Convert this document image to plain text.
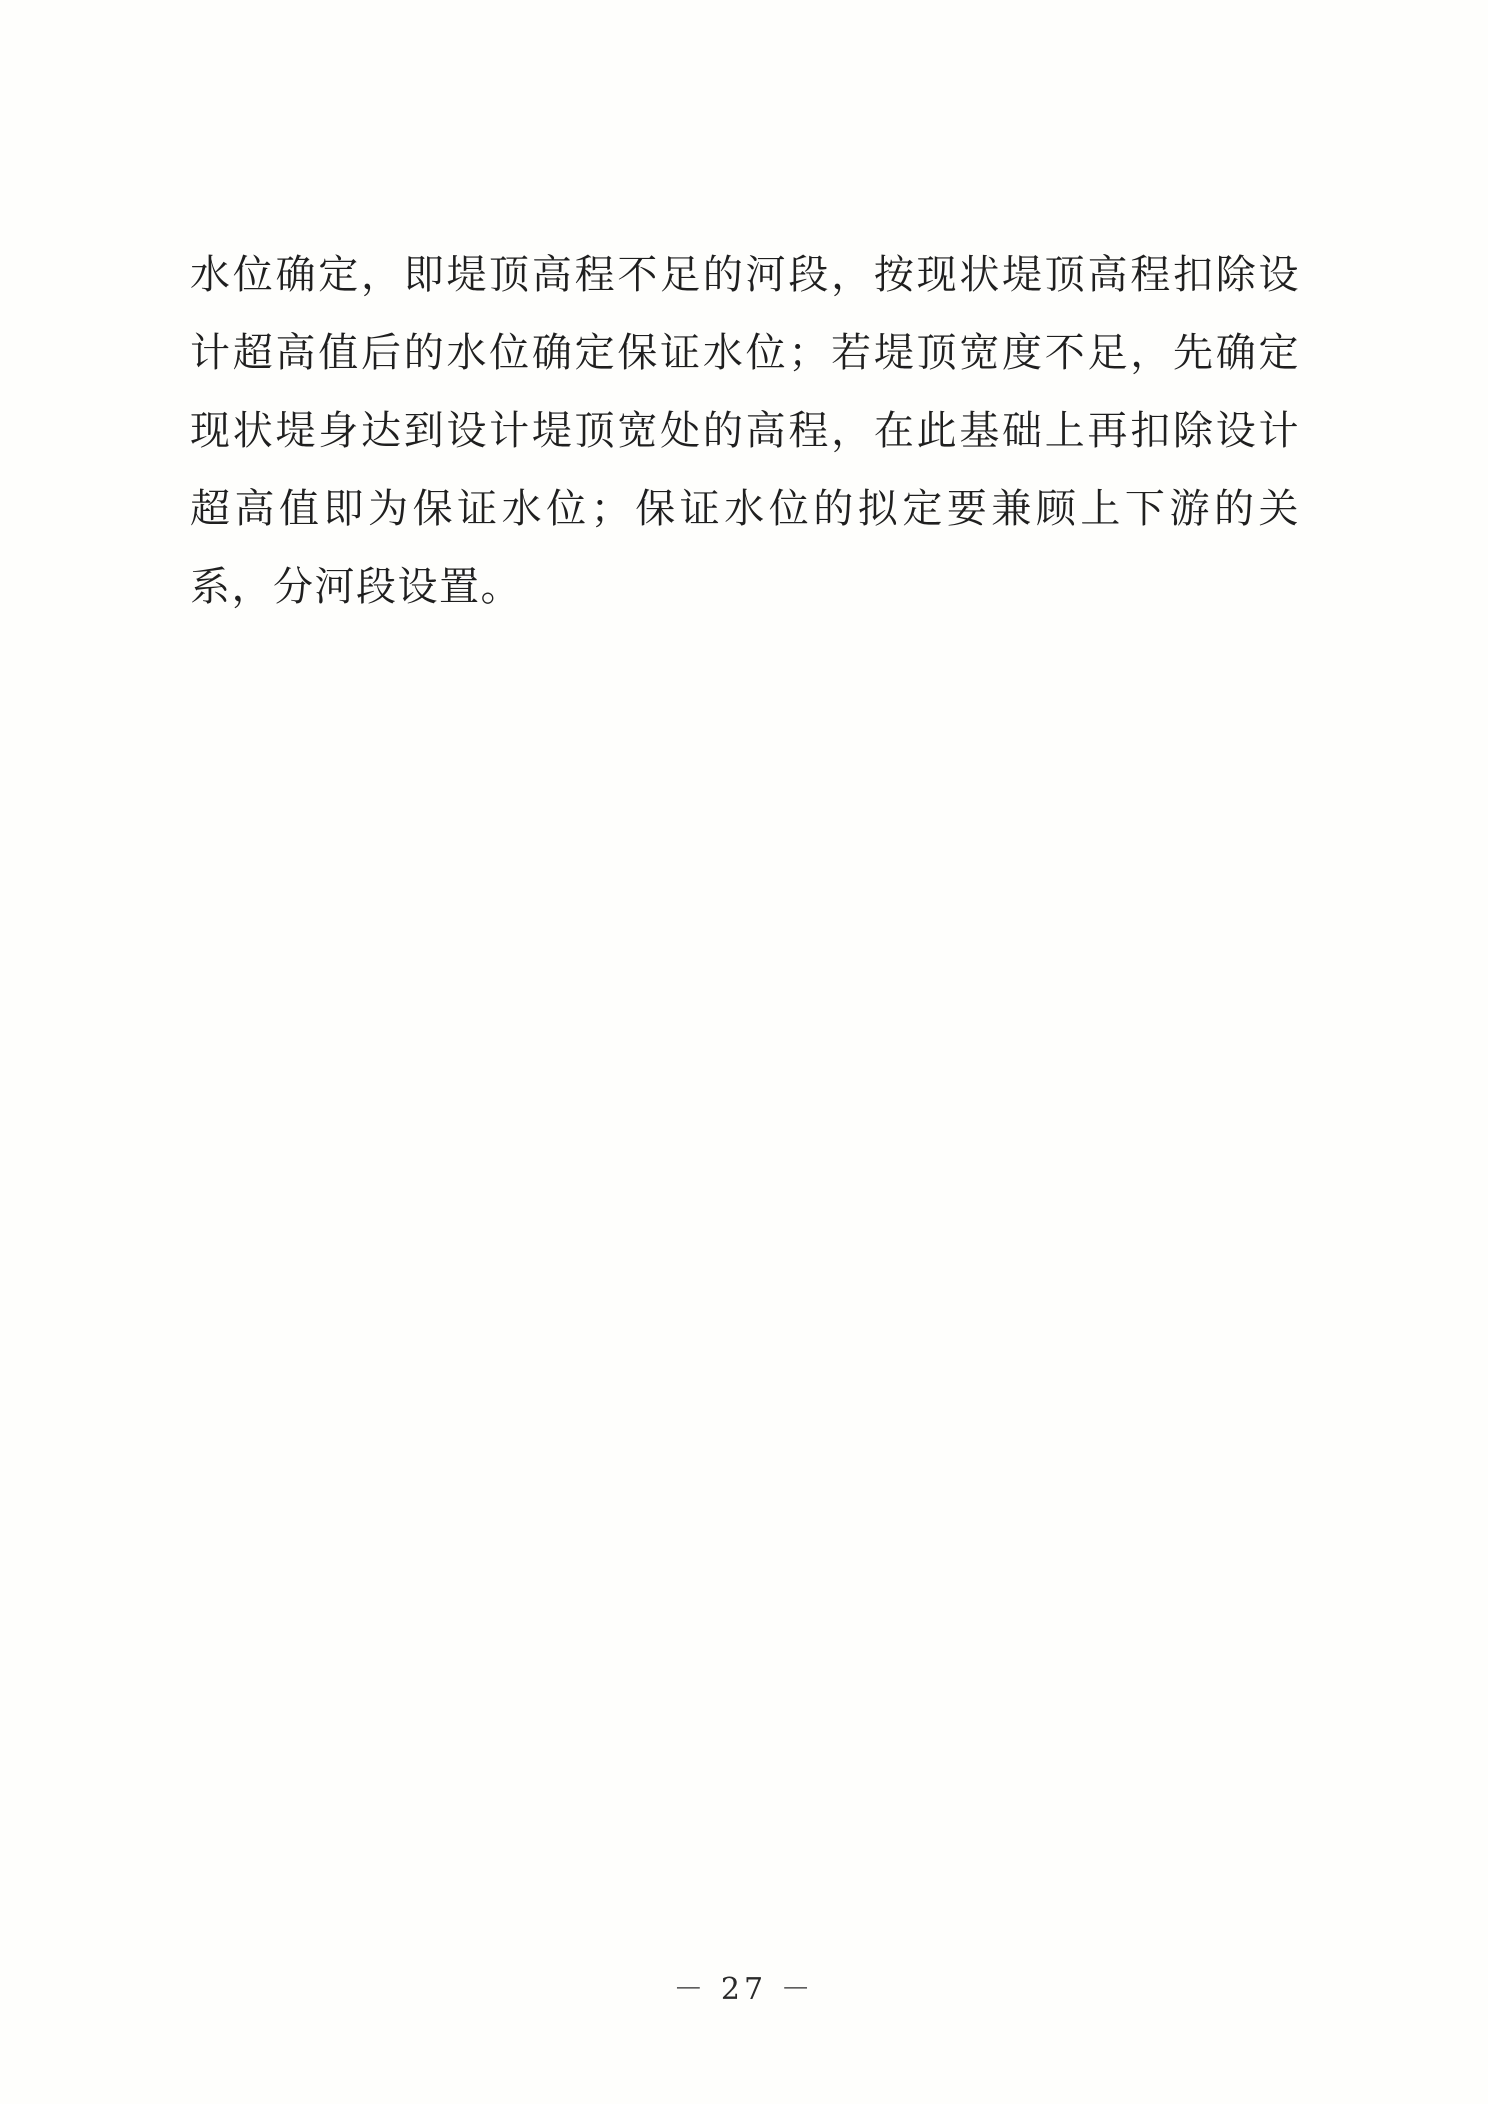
水位确定，即堤顶高程不足的河段，按现状堤顶高程扣除设计超高值后的水位确定保证水位；若堤顶宽度不足，先确定现状堤身达到设计堤顶宽处的高程，在此基础上再扣除设计超高值即为保证水位；保证水位的拟定要兼顾上下游的关系，分河段设置。

－ 27 －
